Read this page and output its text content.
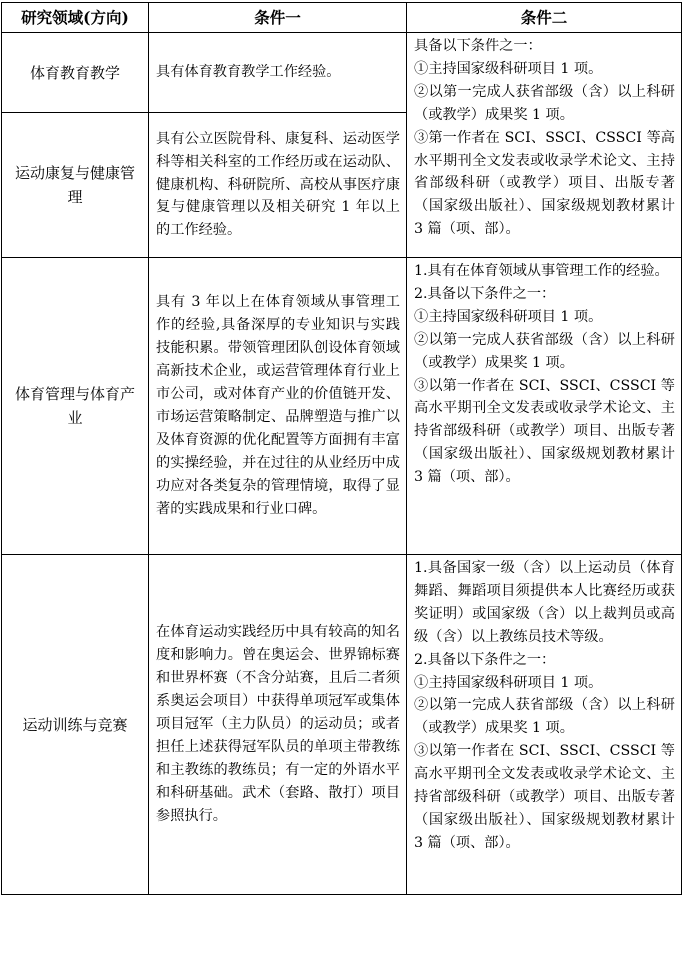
研究领域(方向)	条件一	条件二
体育教育教学	具有体育教育教学工作经验。	具备以下条件之一：
①主持国家级科研项目 1 项。
②以第一完成人获省部级（含）以上科研（或教学）成果奖 1 项。
③第一作者在 SCI、SSCI、CSSCI 等高水平期刊全文发表或收录学术论文、主持省部级科研（或教学）项目、出版专著（国家级出版社）、国家级规划教材累计 3 篇（项、部）。

运动康复与健康管理	具有公立医院骨科、康复科、运动医学科等相关科室的工作经历或在运动队、健康机构、科研院所、高校从事医疗康复与健康管理以及相关研究 1 年以上的工作经验。	
体育管理与体育产业	具有 3 年以上在体育领域从事管理工作的经验,具备深厚的专业知识与实践技能积累。带领管理团队创设体育领域高新技术企业，或运营管理体育行业上市公司，或对体育产业的价值链开发、市场运营策略制定、品牌塑造与推广以及体育资源的优化配置等方面拥有丰富的实操经验，并在过往的从业经历中成功应对各类复杂的管理情境，取得了显著的实践成果和行业口碑。	1.具有在体育领域从事管理工作的经验。
2.具备以下条件之一：
①主持国家级科研项目 1 项。
②以第一完成人获省部级（含）以上科研（或教学）成果奖 1 项。
③以第一作者在 SCI、SSCI、CSSCI 等高水平期刊全文发表或收录学术论文、主持省部级科研（或教学）项目、出版专著（国家级出版社）、国家级规划教材累计 3 篇（项、部）。

运动训练与竞赛	在体育运动实践经历中具有较高的知名度和影响力。曾在奥运会、世界锦标赛和世界杯赛（不含分站赛，且后二者须系奥运会项目）中获得单项冠军或集体项目冠军（主力队员）的运动员；或者担任上述获得冠军队员的单项主带教练和主教练的教练员；有一定的外语水平和科研基础。武术（套路、散打）项目参照执行。	1.具备国家一级（含）以上运动员（体育舞蹈、舞蹈项目须提供本人比赛经历或获奖证明）或国家级（含）以上裁判员或高级（含）以上教练员技术等级。
2.具备以下条件之一：
①主持国家级科研项目 1 项。
②以第一完成人获省部级（含）以上科研（或教学）成果奖 1 项。
③以第一作者在 SCI、SSCI、CSSCI 等高水平期刊全文发表或收录学术论文、主持省部级科研（或教学）项目、出版专著（国家级出版社）、国家级规划教材累计 3 篇（项、部）。
